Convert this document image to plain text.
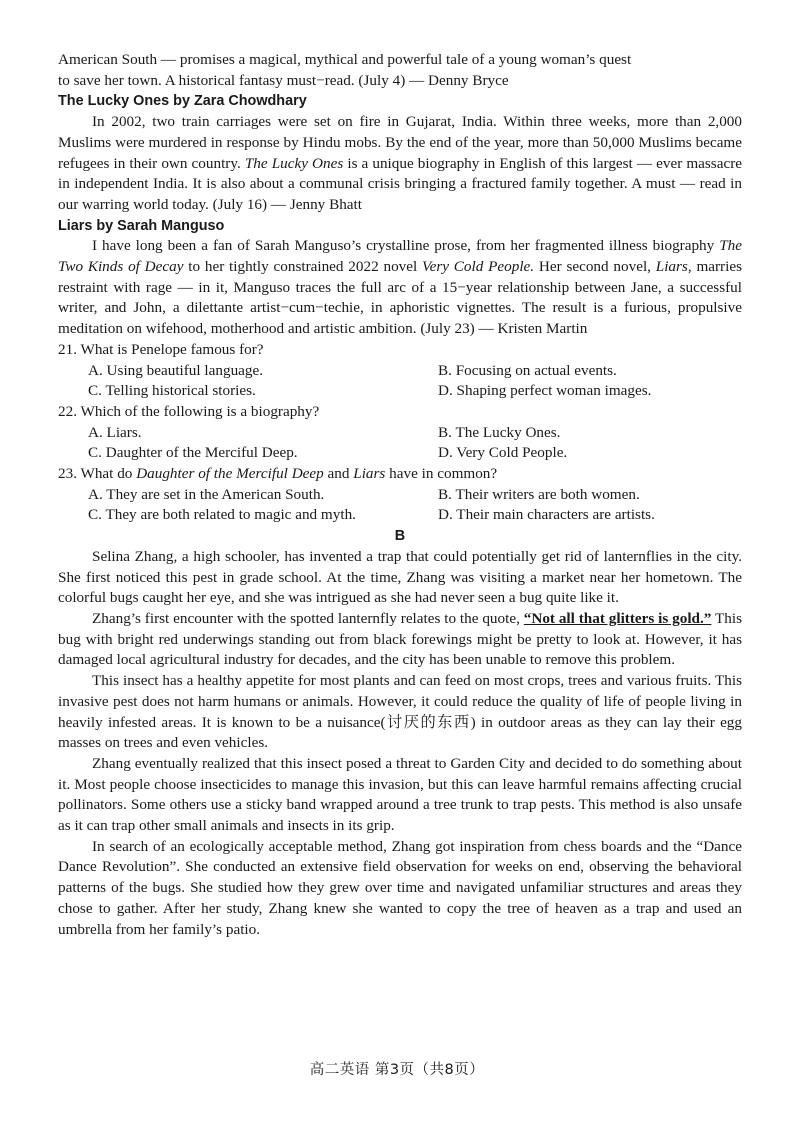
American South — promises a magical, mythical and powerful tale of a young woman’s quest
to save her town. A historical fantasy must−read. (July 4) — Denny Bryce

The Lucky Ones by Zara Chowdhary

In 2002, two train carriages were set on fire in Gujarat, India. Within three weeks, more than 2,000 Muslims were murdered in response by Hindu mobs. By the end of the year, more than 50,000 Muslims became refugees in their own country. The Lucky Ones is a unique biography in English of this largest — ever massacre in independent India. It is also about a communal crisis bringing a fractured family together. A must — read in our warring world today. (July 16) — Jenny Bhatt

Liars by Sarah Manguso

I have long been a fan of Sarah Manguso’s crystalline prose, from her fragmented illness biography The Two Kinds of Decay to her tightly constrained 2022 novel Very Cold People. Her second novel, Liars, marries restraint with rage — in it, Manguso traces the full arc of a 15−year relationship between Jane, a successful writer, and John, a dilettante artist−cum−techie, in aphoristic vignettes. The result is a furious, propulsive meditation on wifehood, motherhood and artistic ambition. (July 23) — Kristen Martin

21. What is Penelope famous for?
A. Using beautiful language.	B. Focusing on actual events.
C. Telling historical stories.	D. Shaping perfect woman images.
22. Which of the following is a biography?
A. Liars.	B. The Lucky Ones.
C. Daughter of the Merciful Deep.	D. Very Cold People.
23. What do Daughter of the Merciful Deep and Liars have in common?
A. They are set in the American South.	B. Their writers are both women.
C. They are both related to magic and myth.	D. Their main characters are artists.
B

Selina Zhang, a high schooler, has invented a trap that could potentially get rid of lanternflies in the city. She first noticed this pest in grade school. At the time, Zhang was visiting a market near her hometown. The colorful bugs caught her eye, and she was intrigued as she had never seen a bug quite like it.

Zhang’s first encounter with the spotted lanternfly relates to the quote, “Not all that glitters is gold.” This bug with bright red underwings standing out from black forewings might be pretty to look at. However, it has damaged local agricultural industry for decades, and the city has been unable to remove this problem.

This insect has a healthy appetite for most plants and can feed on most crops, trees and various fruits. This invasive pest does not harm humans or animals. However, it could reduce the quality of life of people living in heavily infested areas. It is known to be a nuisance(讨厌的东西) in outdoor areas as they can lay their egg masses on trees and even vehicles.

Zhang eventually realized that this insect posed a threat to Garden City and decided to do something about it. Most people choose insecticides to manage this invasion, but this can leave harmful remains affecting crucial pollinators. Some others use a sticky band wrapped around a tree trunk to trap pests. This method is also unsafe as it can trap other small animals and insects in its grip.

In search of an ecologically acceptable method, Zhang got inspiration from chess boards and the “Dance Dance Revolution”. She conducted an extensive field observation for weeks on end, observing the behavioral patterns of the bugs. She studied how they grew over time and navigated unfamiliar structures and areas they chose to gather. After her study, Zhang knew she wanted to copy the tree of heaven as a trap and used an umbrella from her family’s patio.

高二英语 第3页（共8页）
